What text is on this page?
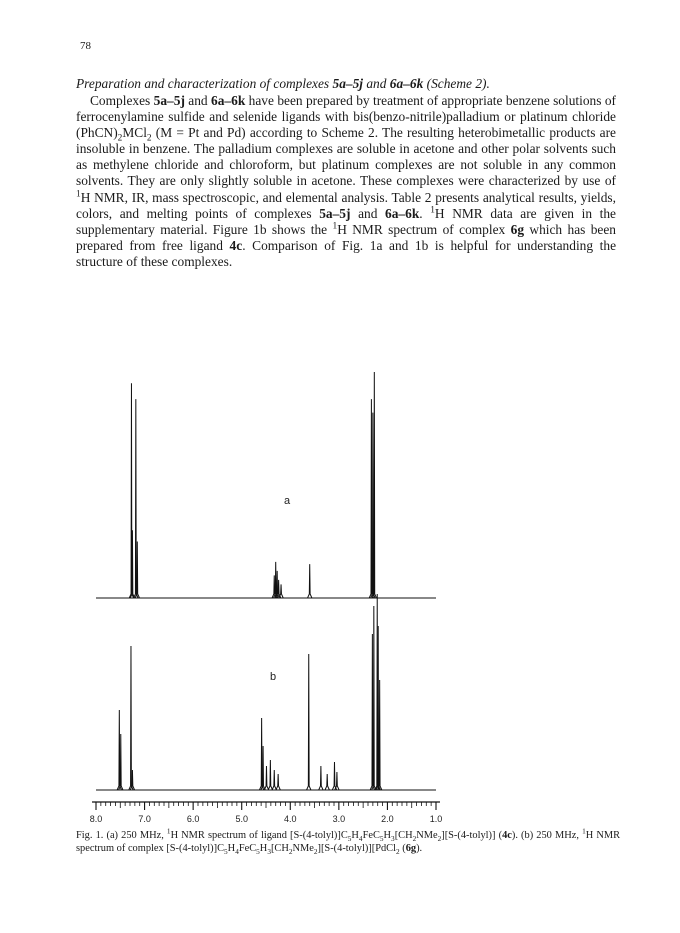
78
Preparation and characterization of complexes 5a–5j and 6a–6k (Scheme 2).

Complexes 5a–5j and 6a–6k have been prepared by treatment of appropriate benzene solutions of ferrocenylamine sulfide and selenide ligands with bis(benzo-nitrile)palladium or platinum chloride $(PhCN)_2MCl_2$ (M = Pt and Pd) according to Scheme 2. The resulting heterobimetallic products are insoluble in benzene. The palladium complexes are soluble in acetone and other polar solvents such as methylene chloride and chloroform, but platinum complexes are not soluble in any common solvents. They are only slightly soluble in acetone. These complexes were characterized by use of $^1$H NMR, IR, mass spectroscopic, and elemental analysis. Table 2 presents analytical results, yields, colors, and melting points of complexes 5a–5j and 6a–6k. $^1$H NMR data are given in the supplementary material. Figure 1b shows the $^1$H NMR spectrum of complex 6g which has been prepared from free ligand 4c. Comparison of Fig. 1a and 1b is helpful for understanding the structure of these complexes.

a
b
8.0	7.0	6.0	5.0	4.0	3.0	2.0	1.0
Fig. 1. (a) 250 MHz, $^1$H NMR spectrum of ligand $[S-(4-tolyl)]C_5H_4FeC_5H_3[CH_2NMe_2][S-(4-tolyl)]$ (4c). (b) 250 MHz, $^1$H NMR spectrum of complex $[S-(4-tolyl)]C_5H_4FeC_5H_3[CH_2NMe_2][S-(4-tolyl)][PdCl_2$ (6g).
